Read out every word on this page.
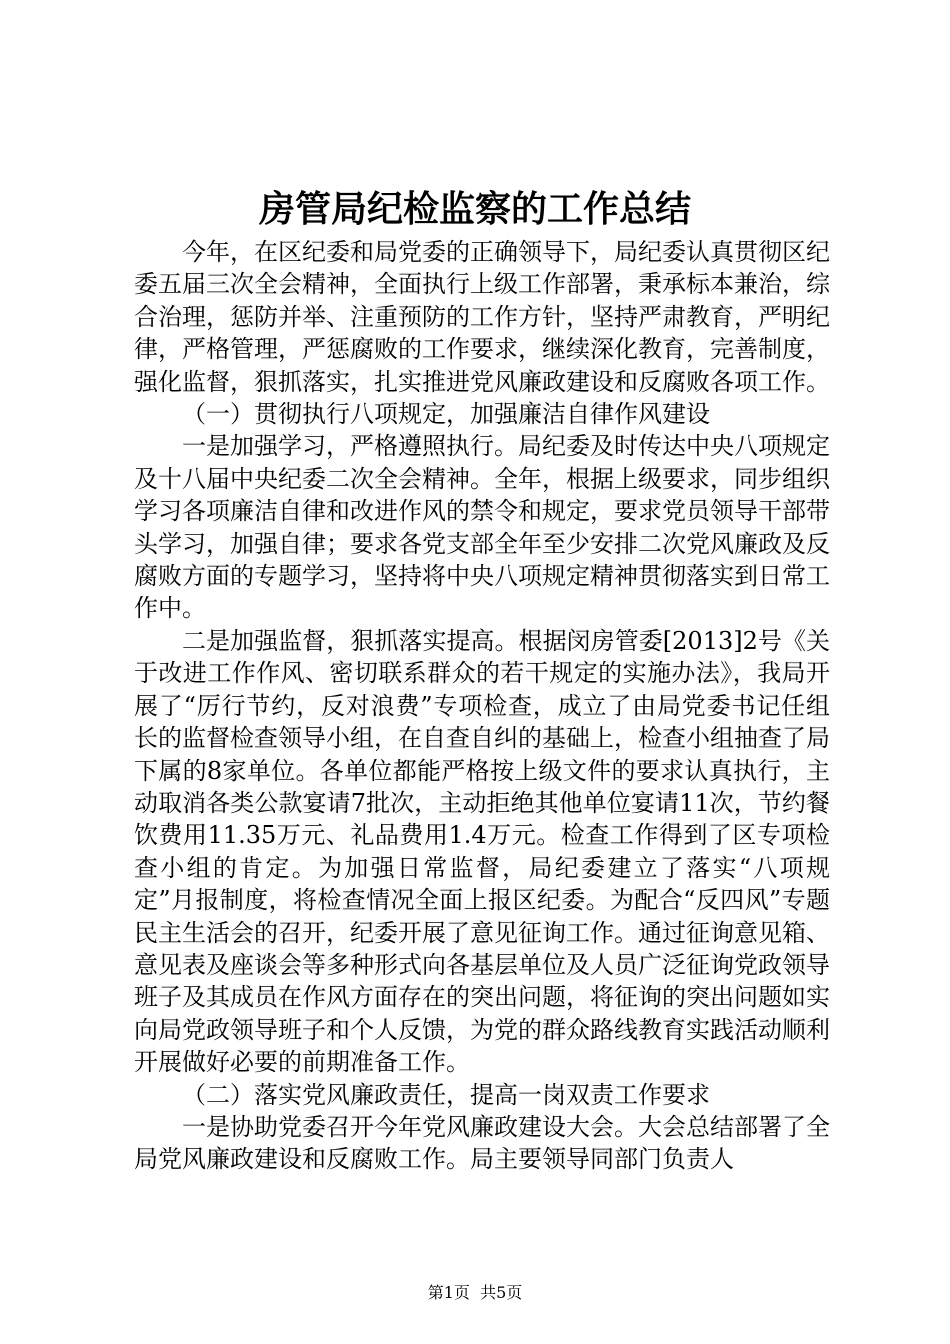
房管局纪检监察的工作总结

今年，在区纪委和局党委的正确领导下，局纪委认真贯彻区纪委五届三次全会精神，全面执行上级工作部署，秉承标本兼治，综合治理，惩防并举、注重预防的工作方针，坚持严肃教育，严明纪律，严格管理，严惩腐败的工作要求，继续深化教育，完善制度，强化监督，狠抓落实，扎实推进党风廉政建设和反腐败各项工作。

（一）贯彻执行八项规定，加强廉洁自律作风建设

一是加强学习，严格遵照执行。局纪委及时传达中央八项规定及十八届中央纪委二次全会精神。全年，根据上级要求，同步组织学习各项廉洁自律和改进作风的禁令和规定，要求党员领导干部带头学习，加强自律；要求各党支部全年至少安排二次党风廉政及反腐败方面的专题学习，坚持将中央八项规定精神贯彻落实到日常工作中。

二是加强监督，狠抓落实提高。根据闵房管委[2013]2号《关于改进工作作风、密切联系群众的若干规定的实施办法》，我局开展了“厉行节约，反对浪费”专项检查，成立了由局党委书记任组长的监督检查领导小组，在自查自纠的基础上，检查小组抽查了局下属的8家单位。各单位都能严格按上级文件的要求认真执行，主动取消各类公款宴请7批次，主动拒绝其他单位宴请11次，节约餐饮费用11.35万元、礼品费用1.4万元。检查工作得到了区专项检查小组的肯定。为加强日常监督，局纪委建立了落实“八项规定”月报制度，将检查情况全面上报区纪委。为配合“反四风”专题民主生活会的召开，纪委开展了意见征询工作。通过征询意见箱、意见表及座谈会等多种形式向各基层单位及人员广泛征询党政领导班子及其成员在作风方面存在的突出问题，将征询的突出问题如实向局党政领导班子和个人反馈，为党的群众路线教育实践活动顺利开展做好必要的前期准备工作。

（二）落实党风廉政责任，提高一岗双责工作要求

一是协助党委召开今年党风廉政建设大会。大会总结部署了全局党风廉政建设和反腐败工作。局主要领导同部门负责人

第1页 共5页
